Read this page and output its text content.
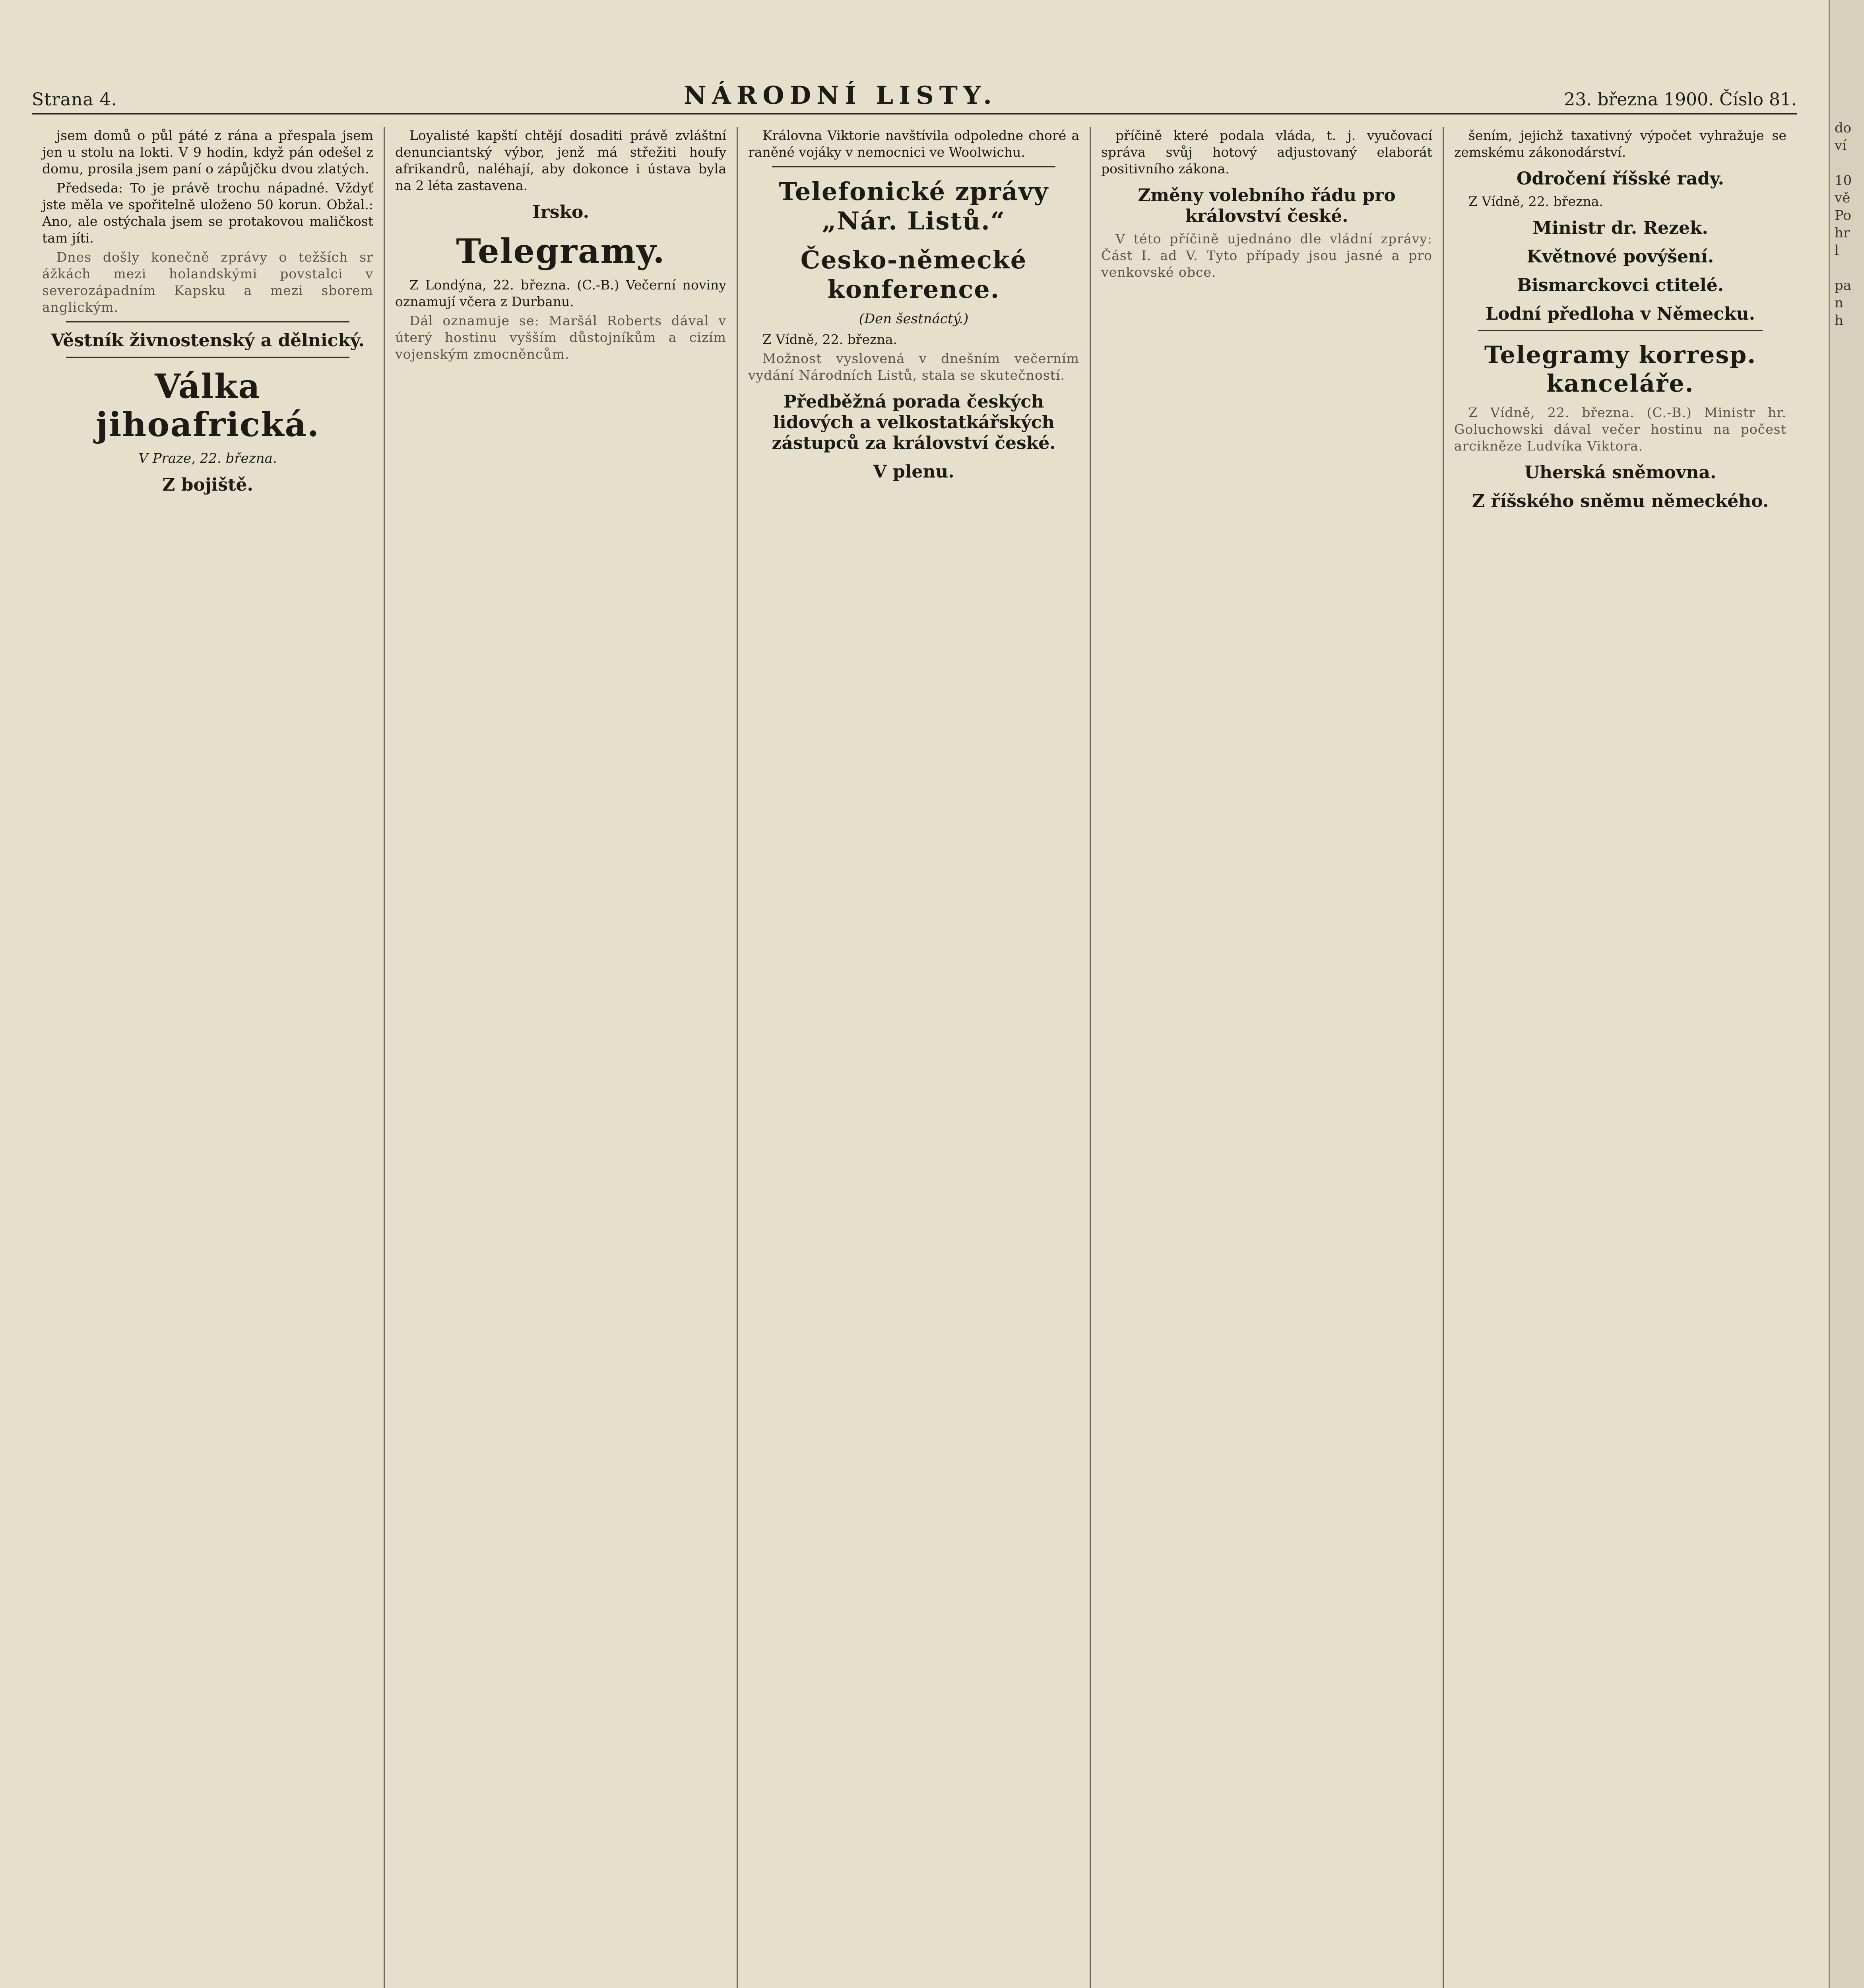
Strana 4.	NÁRODNÍ LISTY.	23. března 1900. Číslo 81.

jsem domů o půl páté z rána a přespala jsem jen u stolu na lokti. V 9 hodin, když pán odešel z domu, prosila jsem paní o zápůjčku dvou zlatých.

Předseda: To je právě trochu nápadné. Vždyť jste měla ve spořitelně uloženo 50 korun. Obžal.: Ano, ale ostýchala jsem se protakovou maličkost tam jíti.

Dnes došly konečně zprávy o težších sr ážkách mezi holandskými povstalci v severozápadním Kapsku a mezi sborem anglickým.

Věstník živnostenský a dělnický.
Válka jihoafrická.
V Praze, 22. března.
Z bojiště.

Loyalisté kapští chtějí dosaditi právě zvláštní denunciantský výbor, jenž má střežiti houfy afrikandrů, naléhají, aby dokonce i ústava byla na 2 léta zastavena.

Irsko.
Telegramy.

Z Londýna, 22. března. (C.-B.) Večerní noviny oznamují včera z Durbanu.

Dál oznamuje se: Maršál Roberts dával v úterý hostinu vyšším důstojníkům a cizím vojenským zmocněncům.

Královna Viktorie navštívila odpoledne choré a raněné vojáky v nemocnici ve Woolwichu.

Telefonické zprávy „Nár. Listů.“
Česko-německé konference.
(Den šestnáctý.)

Z Vídně, 22. března.

Možnost vyslovená v dnešním večerním vydání Národních Listů, stala se skutečností.

Předběžná porada českých lidových a velkostatkářských zástupců za království české.
V plenu.

příčině které podala vláda, t. j. vyučovací správa svůj hotový adjustovaný elaborát positivního zákona.

Změny volebního řádu pro království české.

V této příčině ujednáno dle vládní zprávy: Část I. ad V. Tyto případy jsou jasné a pro venkovské obce.

šením, jejichž taxativný výpočet vyhražuje se zemskému zákonodárství.

Odročení říšské rady.

Z Vídně, 22. března.

Ministr dr. Rezek.
Květnové povýšení.
Bismarckovci ctitelé.
Lodní předloha v Německu.
Telegramy korresp. kanceláře.

Z Vídně, 22. března. (C.-B.) Ministr hr. Goluchowski dával večer hostinu na počest arcikněze Ludvíka Viktora.

Uherská sněmovna.
Z říšského sněmu německého.
do
ví

10
vě
Po
hr
l

pa
n
h
